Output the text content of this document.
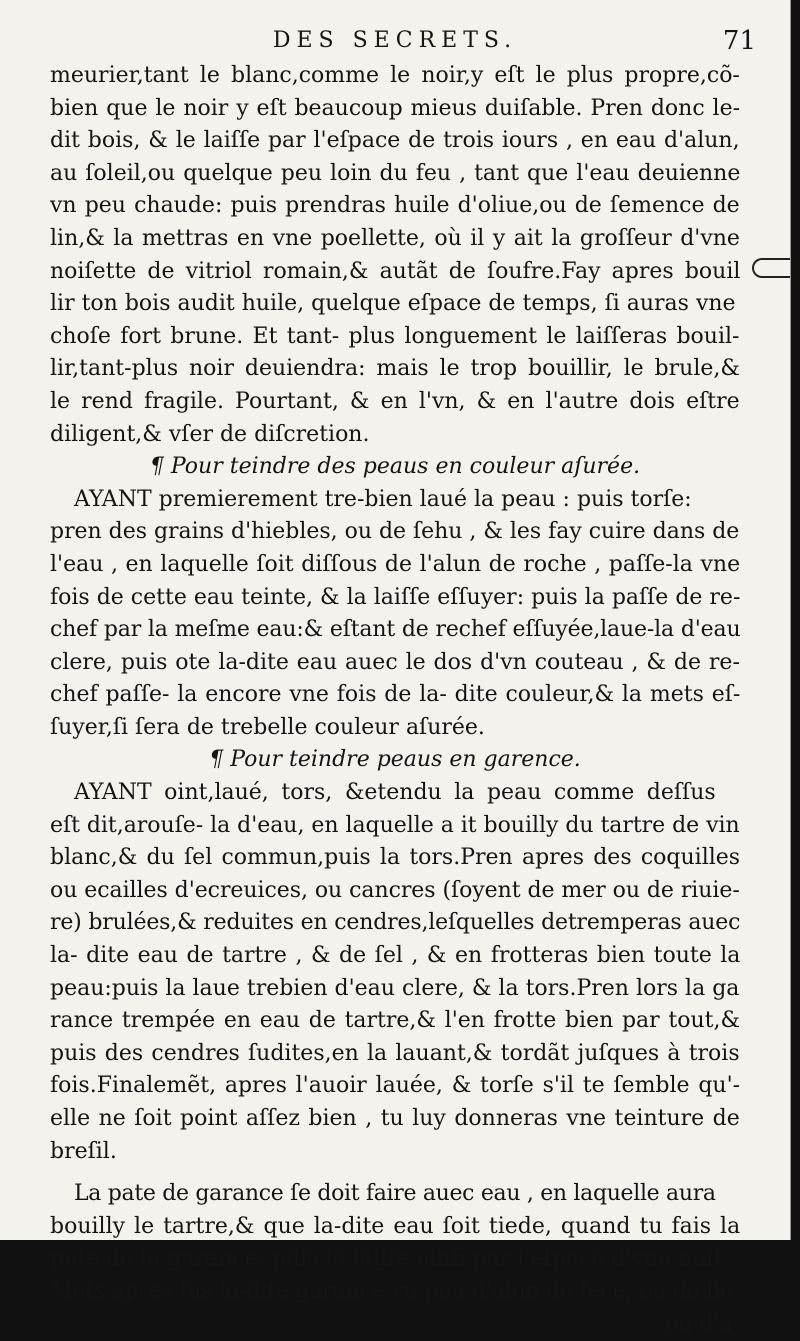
DES SECRETS.	71
meurier,tant le blanc,comme le noir,y eſt le plus propre,cõ-
bien que le noir y eſt beaucoup mieus duiſable. Pren donc le-
dit bois, & le laiſſe par l'eſpace de trois iours , en eau d'alun,
au ſoleil,ou quelque peu loin du feu , tant que l'eau deuienne
vn peu chaude: puis prendras huile d'oliue,ou de ſemence de
lin,& la mettras en vne poellette, où il y ait la groſſeur d'vne
noiſette de vitriol romain,& autãt de ſoufre.Fay apres bouil
lir ton bois audit huile, quelque eſpace de temps, ſi auras vne
choſe fort brune. Et tant- plus longuement le laiſſeras bouil-
lir,tant-plus noir deuiendra: mais le trop bouillir, le brule,&
le rend fragile. Pourtant, & en l'vn, & en l'autre dois eſtre
diligent,& vſer de diſcretion.
¶ Pour teindre des peaus en couleur aſurée.
AYANT premierement tre-bien laué la peau : puis torſe:
pren des grains d'hiebles, ou de ſehu , & les fay cuire dans de
l'eau , en laquelle ſoit diſſous de l'alun de roche , paſſe-la vne
fois de cette eau teinte, & la laiſſe eſſuyer: puis la paſſe de re-
chef par la meſme eau:& eſtant de rechef eſſuyée,laue-la d'eau
clere, puis ote la-dite eau auec le dos d'vn couteau , & de re-
chef paſſe- la encore vne fois de la- dite couleur,& la mets eſ-
ſuyer,ſi ſera de trebelle couleur aſurée.
¶ Pour teindre peaus en garence.
AYANT oint,laué, tors, &etendu la peau comme deſſus
eſt dit,arouſe- la d'eau, en laquelle a it bouilly du tartre de vin
blanc,& du ſel commun,puis la tors.Pren apres des coquilles
ou ecailles d'ecreuices, ou cancres (ſoyent de mer ou de riuie-
re) brulées,& reduites en cendres,leſquelles detremperas auec
la- dite eau de tartre , & de ſel , & en frotteras bien toute la
peau:puis la laue trebien d'eau clere, & la tors.Pren lors la ga
rance trempée en eau de tartre,& l'en frotte bien par tout,&
puis des cendres ſudites,en la lauant,& tordãt juſques à trois
fois.Finalemẽt, apres l'auoir lauée, & torſe s'il te ſemble qu'-
elle ne ſoit point aſſez bien , tu luy donneras vne teinture de
breſil.
La pate de garance ſe doit faire auec eau , en laquelle aura
bouilly le tartre,& que la-dite eau ſoit tiede, quand tu fais la
pate de la garance: puis la laiſſe ainſi par l'eſpace d'vne nuit.
Mets apres ſus la-dite garance vn peu d'alun de fece, ou de lie,
ou d'a-
